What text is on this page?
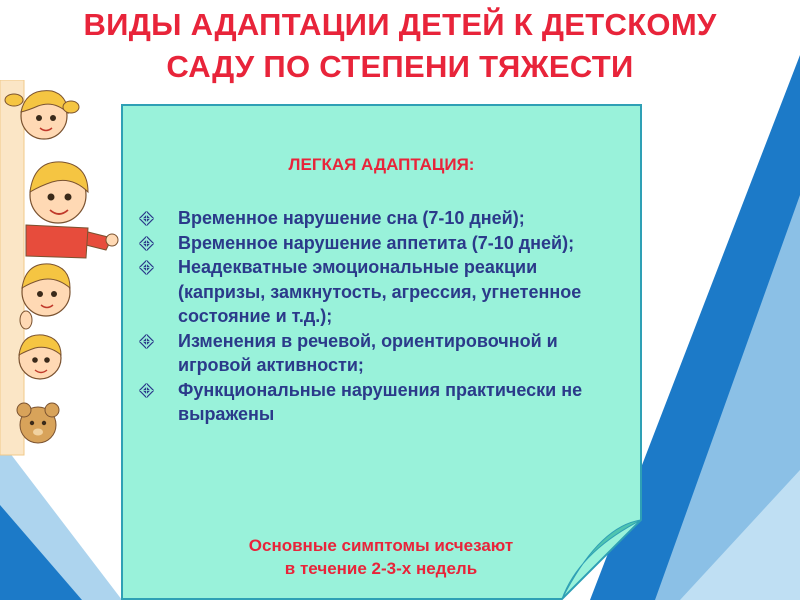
ВИДЫ АДАПТАЦИИ ДЕТЕЙ К ДЕТСКОМУ
САДУ ПО СТЕПЕНИ ТЯЖЕСТИ
ЛЕГКАЯ АДАПТАЦИЯ:
Временное нарушение сна (7-10 дней);
Временное нарушение аппетита (7-10 дней);
Неадекватные эмоциональные реакции (капризы, замкнутость, агрессия, угнетенное состояние и т.д.);
Изменения в речевой, ориентировочной и игровой активности;
Функциональные нарушения практически не выражены
Основные симптомы исчезают
в течение 2-3-х недель
